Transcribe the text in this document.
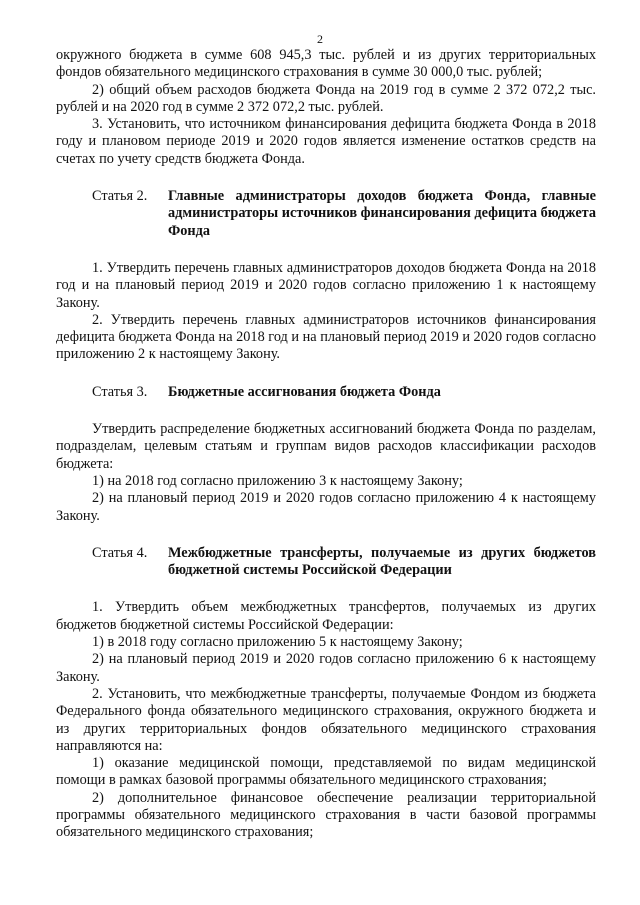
2

окружного бюджета в сумме 608 945,3 тыс. рублей и из других территориальных фондов обязательного медицинского страхования в сумме 30 000,0 тыс. рублей;

2) общий объем расходов бюджета Фонда на 2019 год в сумме 2 372 072,2 тыс. рублей и на 2020 год в сумме 2 372 072,2 тыс. рублей.

3. Установить, что источником финансирования дефицита бюджета Фонда в 2018 году и плановом периоде 2019 и 2020 годов является изменение остатков средств на счетах по учету средств бюджета Фонда.

Статья 2.	Главные администраторы доходов бюджета Фонда, главные администраторы источников финансирования дефицита бюджета Фонда

1. Утвердить перечень главных администраторов доходов бюджета Фонда на 2018 год и на плановый период 2019 и 2020 годов согласно приложению 1 к настоящему Закону.

2. Утвердить перечень главных администраторов источников финансирования дефицита бюджета Фонда на 2018 год и на плановый период 2019 и 2020 годов согласно приложению 2 к настоящему Закону.

Статья 3.	Бюджетные ассигнования бюджета Фонда

Утвердить распределение бюджетных ассигнований бюджета Фонда по разделам, подразделам, целевым статьям и группам видов расходов классификации расходов бюджета:

1) на 2018 год согласно приложению 3 к настоящему Закону;

2) на плановый период 2019 и 2020 годов согласно приложению 4 к настоящему Закону.

Статья 4.	Межбюджетные трансферты, получаемые из других бюджетов бюджетной системы Российской Федерации

1. Утвердить объем межбюджетных трансфертов, получаемых из других бюджетов бюджетной системы Российской Федерации:

1) в 2018 году согласно приложению 5 к настоящему Закону;

2) на плановый период 2019 и 2020 годов согласно приложению 6 к настоящему Закону.

2. Установить, что межбюджетные трансферты, получаемые Фондом из бюджета Федерального фонда обязательного медицинского страхования, окружного бюджета и из других территориальных фондов обязательного медицинского страхования направляются на:

1) оказание медицинской помощи, представляемой по видам медицинской помощи в рамках базовой программы обязательного медицинского страхования;

2) дополнительное финансовое обеспечение реализации территориальной программы обязательного медицинского страхования в части базовой программы обязательного медицинского страхования;
